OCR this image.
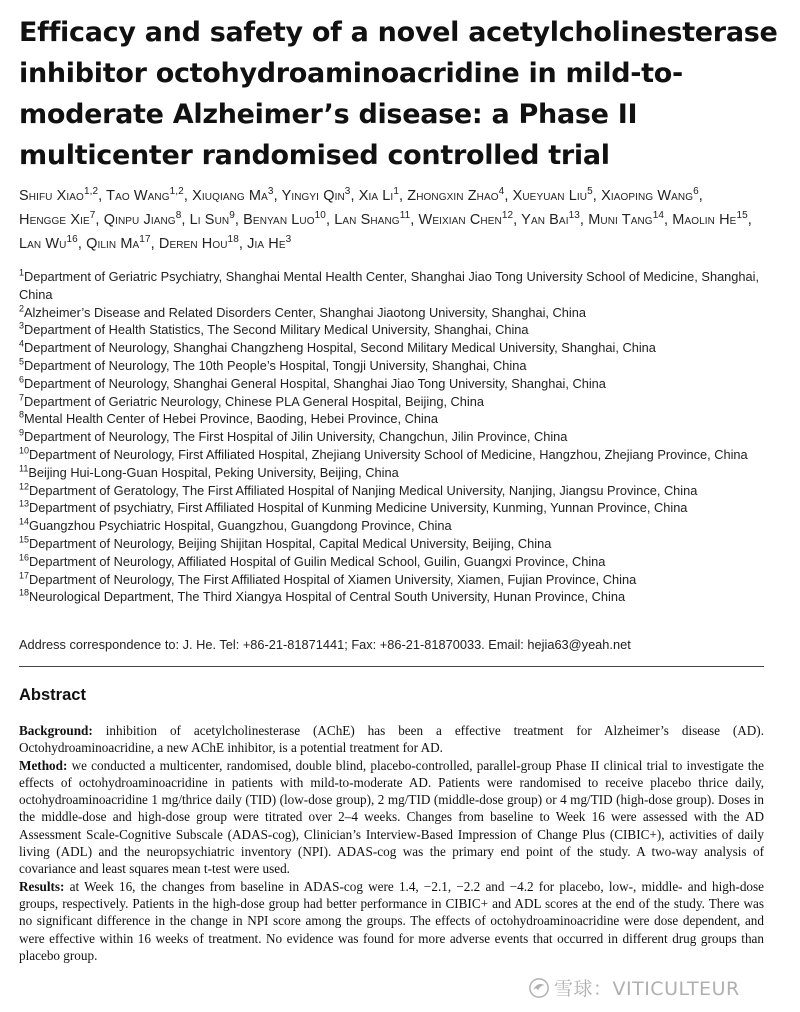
Efficacy and safety of a novel acetylcholinesterase inhibitor octohydroaminoacridine in mild-to-moderate Alzheimer’s disease: a Phase II multicenter randomised controlled trial
Shifu Xiao$^{1,2}$, Tao Wang$^{1,2}$, Xiuqiang Ma$^3$, Yingyi Qin$^3$, Xia Li$^1$, Zhongxin Zhao$^4$, Xueyuan Liu$^5$, Xiaoping Wang$^6$, Hengge Xie$^7$, Qinpu Jiang$^8$, Li Sun$^9$, Benyan Luo$^{10}$, Lan Shang$^{11}$, Weixian Chen$^{12}$, Yan Bai$^{13}$, Muni Tang$^{14}$, Maolin He$^{15}$, Lan Wu$^{16}$, Qilin Ma$^{17}$, Deren Hou$^{18}$, Jia He$^3$

$^1$Department of Geriatric Psychiatry, Shanghai Mental Health Center, Shanghai Jiao Tong University School of Medicine, Shanghai, China

$^2$Alzheimer’s Disease and Related Disorders Center, Shanghai Jiaotong University, Shanghai, China

$^3$Department of Health Statistics, The Second Military Medical University, Shanghai, China

$^4$Department of Neurology, Shanghai Changzheng Hospital, Second Military Medical University, Shanghai, China

$^5$Department of Neurology, The 10th People’s Hospital, Tongji University, Shanghai, China

$^6$Department of Neurology, Shanghai General Hospital, Shanghai Jiao Tong University, Shanghai, China

$^7$Department of Geriatric Neurology, Chinese PLA General Hospital, Beijing, China

$^8$Mental Health Center of Hebei Province, Baoding, Hebei Province, China

$^9$Department of Neurology, The First Hospital of Jilin University, Changchun, Jilin Province, China

$^{10}$Department of Neurology, First Affiliated Hospital, Zhejiang University School of Medicine, Hangzhou, Zhejiang Province, China

$^{11}$Beijing Hui-Long-Guan Hospital, Peking University, Beijing, China

$^{12}$Department of Geratology, The First Affiliated Hospital of Nanjing Medical University, Nanjing, Jiangsu Province, China

$^{13}$Department of psychiatry, First Affiliated Hospital of Kunming Medicine University, Kunming, Yunnan Province, China

$^{14}$Guangzhou Psychiatric Hospital, Guangzhou, Guangdong Province, China

$^{15}$Department of Neurology, Beijing Shijitan Hospital, Capital Medical University, Beijing, China

$^{16}$Department of Neurology, Affiliated Hospital of Guilin Medical School, Guilin, Guangxi Province, China

$^{17}$Department of Neurology, The First Affiliated Hospital of Xiamen University, Xiamen, Fujian Province, China

$^{18}$Neurological Department, The Third Xiangya Hospital of Central South University, Hunan Province, China

Address correspondence to: J. He. Tel: +86-21-81871441; Fax: +86-21-81870033. Email: hejia63@yeah.net
Abstract

Background: inhibition of acetylcholinesterase (AChE) has been a effective treatment for Alzheimer’s disease (AD). Octohydroaminoacridine, a new AChE inhibitor, is a potential treatment for AD.

Method: we conducted a multicenter, randomised, double blind, placebo-controlled, parallel-group Phase II clinical trial to investigate the effects of octohydroaminoacridine in patients with mild-to-moderate AD. Patients were randomised to receive placebo thrice daily, octohydroaminoacridine 1 mg/thrice daily (TID) (low-dose group), 2 mg/TID (middle-dose group) or 4 mg/TID (high-dose group). Doses in the middle-dose and high-dose group were titrated over 2–4 weeks. Changes from baseline to Week 16 were assessed with the AD Assessment Scale-Cognitive Subscale (ADAS-cog), Clinician’s Interview-Based Impression of Change Plus (CIBIC+), activities of daily living (ADL) and the neuropsychiatric inventory (NPI). ADAS-cog was the primary end point of the study. A two-way analysis of covariance and least squares mean t-test were used.

Results: at Week 16, the changes from baseline in ADAS-cog were 1.4, −2.1, −2.2 and −4.2 for placebo, low-, middle- and high-dose groups, respectively. Patients in the high-dose group had better performance in CIBIC+ and ADL scores at the end of the study. There was no significant difference in the change in NPI score among the groups. The effects of octohydroaminoacridine were dose dependent, and were effective within 16 weeks of treatment. No evidence was found for more adverse events that occurred in different drug groups than placebo group.

雪球：VITICULTEUR
